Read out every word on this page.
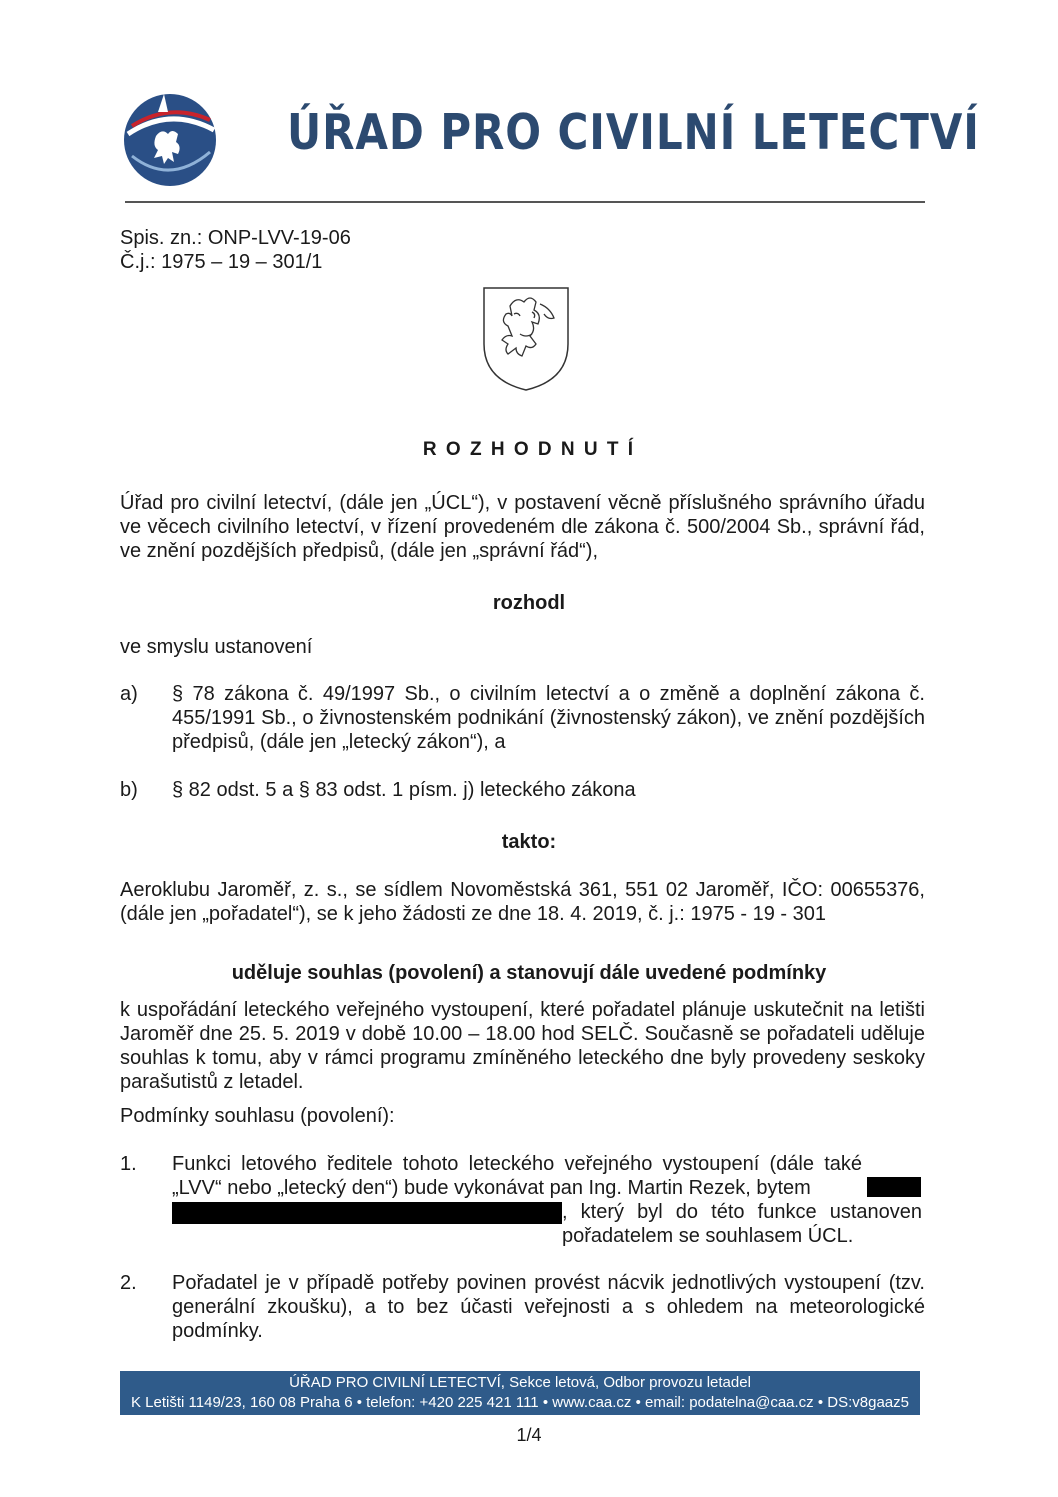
ÚŘAD PRO CIVILNÍ LETECTVÍ
Spis. zn.: ONP-LVV-19-06
Č.j.: 1975 – 19 – 301/1
R O Z H O D N U T Í
Úřad pro civilní letectví, (dále jen „ÚCL“), v postavení věcně příslušného správního úřadu ve věcech civilního letectví, v řízení provedeném dle zákona č. 500/2004 Sb., správní řád, ve znění pozdějších předpisů, (dále jen „správní řád“),
rozhodl
ve smyslu ustanovení
a)	§ 78 zákona č. 49/1997 Sb., o civilním letectví a o změně a doplnění zákona č. 455/1991 Sb., o živnostenském podnikání (živnostenský zákon), ve znění pozdějších předpisů, (dále jen „letecký zákon“), a
b)	§ 82 odst. 5 a § 83 odst. 1 písm. j) leteckého zákona
takto:
Aeroklubu Jaroměř, z. s., se sídlem Novoměstská 361, 551 02 Jaroměř, IČO: 00655376, (dále jen „pořadatel“), se k jeho žádosti ze dne 18. 4. 2019, č. j.: 1975 - 19 - 301
uděluje souhlas (povolení) a stanovují dále uvedené podmínky
k uspořádání leteckého veřejného vystoupení, které pořadatel plánuje uskutečnit na letišti Jaroměř dne 25. 5. 2019 v době 10.00 – 18.00 hod SELČ. Současně se pořadateli uděluje souhlas k tomu, aby v rámci programu zmíněného leteckého dne byly provedeny seskoky parašutistů z letadel.
Podmínky souhlasu (povolení):
1.	Funkci letového ředitele tohoto leteckého veřejného vystoupení (dále také „LVV“ nebo „letecký den“) bude vykonávat pan Ing. Martin Rezek, bytem
, který byl do této funkce ustanoven pořadatelem se souhlasem ÚCL.
2.	Pořadatel je v případě potřeby povinen provést nácvik jednotlivých vystoupení (tzv. generální zkoušku), a to bez účasti veřejnosti a s ohledem na meteorologické podmínky.
ÚŘAD PRO CIVILNÍ LETECTVÍ, Sekce letová, Odbor provozu letadel
K Letišti 1149/23, 160 08 Praha 6 • telefon: +420 225 421 111 • www.caa.cz • email: podatelna@caa.cz • DS:v8gaaz5
1/4
